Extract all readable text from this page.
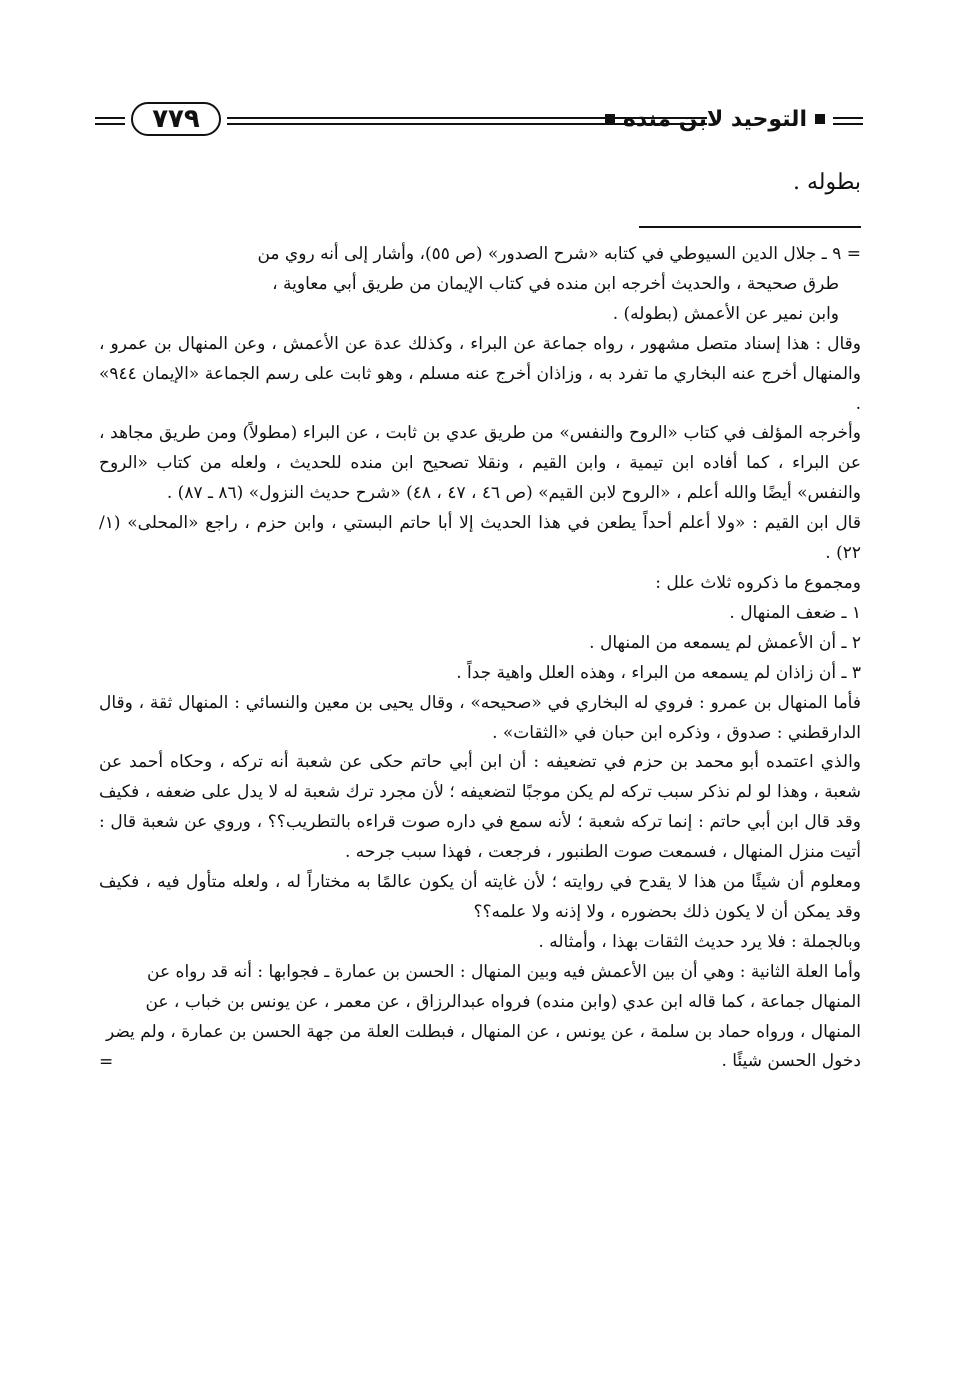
٧٧٩	التوحيد لابن منده
بطوله .

= ٩ ـ جلال الدين السيوطي في كتابه «شرح الصدور» (ص ٥٥)، وأشار إلى أنه روي من

طرق صحيحة ، والحديث أخرجه ابن منده في كتاب الإيمان من طريق أبي معاوية ،

وابن نمير عن الأعمش (بطوله) .

وقال : هذا إسناد متصل مشهور ، رواه جماعة عن البراء ، وكذلك عدة عن الأعمش ، وعن المنهال بن عمرو ، والمنهال أخرج عنه البخاري ما تفرد به ، وزاذان أخرج عنه مسلم ، وهو ثابت على رسم الجماعة «الإيمان ٩٤٤» .

وأخرجه المؤلف في كتاب «الروح والنفس» من طريق عدي بن ثابت ، عن البراء (مطولاً) ومن طريق مجاهد ، عن البراء ، كما أفاده ابن تيمية ، وابن القيم ، ونقلا تصحيح ابن منده للحديث ، ولعله من كتاب «الروح والنفس» أيضًا والله أعلم ، «الروح لابن القيم» (ص ٤٦ ، ٤٧ ، ٤٨) «شرح حديث النزول» (٨٦ ـ ٨٧) .

قال ابن القيم : «ولا أعلم أحداً يطعن في هذا الحديث إلا أبا حاتم البستي ، وابن حزم ، راجع «المحلى» (١/ ٢٢) .

ومجموع ما ذكروه ثلاث علل :

١ ـ ضعف المنهال .

٢ ـ أن الأعمش لم يسمعه من المنهال .

٣ ـ أن زاذان لم يسمعه من البراء ، وهذه العلل واهية جداً .

فأما المنهال بن عمرو : فروي له البخاري في «صحيحه» ، وقال يحيى بن معين والنسائي : المنهال ثقة ، وقال الدارقطني : صدوق ، وذكره ابن حبان في «الثقات» .

والذي اعتمده أبو محمد بن حزم في تضعيفه : أن ابن أبي حاتم حكى عن شعبة أنه تركه ، وحكاه أحمد عن شعبة ، وهذا لو لم نذكر سبب تركه لم يكن موجبًا لتضعيفه ؛ لأن مجرد ترك شعبة له لا يدل على ضعفه ، فكيف وقد قال ابن أبي حاتم : إنما تركه شعبة ؛ لأنه سمع في داره صوت قراءه بالتطريب؟؟ ، وروي عن شعبة قال : أتيت منزل المنهال ، فسمعت صوت الطنبور ، فرجعت ، فهذا سبب جرحه .

ومعلوم أن شيئًا من هذا لا يقدح في روايته ؛ لأن غايته أن يكون عالمًا به مختاراً له ، ولعله متأول فيه ، فكيف وقد يمكن أن لا يكون ذلك بحضوره ، ولا إذنه ولا علمه؟؟

وبالجملة : فلا يرد حديث الثقات بهذا ، وأمثاله .

وأما العلة الثانية : وهي أن بين الأعمش فيه وبين المنهال : الحسن بن عمارة ـ فجوابها : أنه قد رواه عن المنهال جماعة ، كما قاله ابن عدي (وابن منده) فرواه عبدالرزاق ، عن معمر ، عن يونس بن خباب ، عن المنهال ، ورواه حماد بن سلمة ، عن يونس ، عن المنهال ، فبطلت العلة من جهة الحسن بن عمارة ، ولم يضر دخول الحسن شيئًا .

=
